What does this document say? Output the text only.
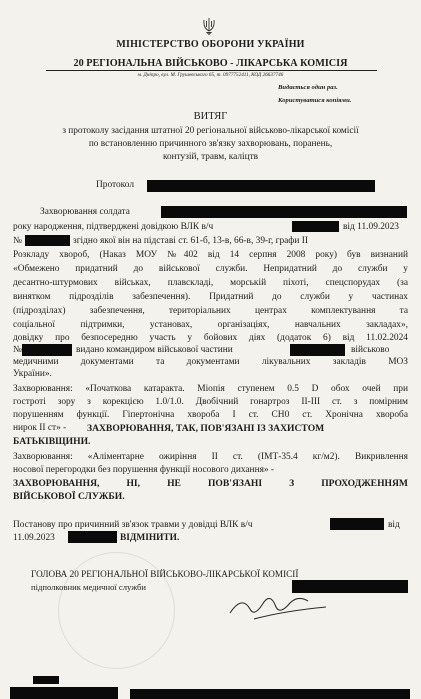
МІНІСТЕРСТВО ОБОРОНИ УКРАЇНИ

20 РЕГІОНАЛЬНА ВІЙСЬКОВО - ЛІКАРСЬКА КОМІСІЯ

м. Дніпро, вул. М. Грушевського 65, т. 0977752411, КОД 26637746

Видається один раз.

Користуватися копіями.

ВИТЯГ

з протоколу засідання штатної 20 регіональної військово-лікарської комісії

по встановленню причинного зв'язку захворювань, поранень,

контузій, травм, каліцтв

Протокол

Захворювання солдата

року народження, підтверджені довідкою ВЛК в/ч	від 11.09.2023

№	згідно якої він на підставі ст. 61-б, 13-в, 66-в, 39-г, графи ІІ

Розкладу хвороб, (Наказ МОУ №402 від 14 серпня 2008 року) був визнаний

«Обмежено придатний до військової служби. Непридатний до служби у

десантно-штурмових військах, плавскладі, морській піхоті, спецспорудах (за

винятком підрозділів забезпечення). Придатний до служби у частинах

(підрозділах) забезпечення, територіальних центрах комплектування та

соціальної підтримки, установах, організаціях, навчальних закладах»,

довідку про безпосередню участь у бойових діях (додаток 6) від 11.02.2024

№	видано командиром військової частини	військово

медичними документами та документами лікувальних закладів МОЗ

України».

Захворювання: «Початкова катаракта. Міопія ступенем 0.5 D обох очей при

гостроті зору з корекцією 1.0/1.0. Двобічний гонартроз ІІ-ІІІ ст. з помірним

порушенням функції. Гіпертонічна хвороба І ст. СН0 ст. Хронічна хвороба

нирок ІІ ст» - ЗАХВОРЮВАННЯ, ТАК, ПОВ'ЯЗАНІ ІЗ ЗАХИСТОМ

БАТЬКІВЩИНИ.

Захворювання: «Аліментарне ожиріння ІІ ст. (ІМТ-35.4 кг/м2). Викривлення

носової перегородки без порушення функції носового дихання» -

ЗАХВОРЮВАННЯ, НІ, НЕ ПОВ'ЯЗАНІ З ПРОХОДЖЕННЯМ

ВІЙСЬКОВОЇ СЛУЖБИ.

Постанову про причинний зв'язок травми у довідці ВЛК в/ч	від

11.09.2023	ВІДМІНИТИ.

ГОЛОВА 20 РЕГІОНАЛЬНОЇ ВІЙСЬКОВО-ЛІКАРСЬКОЇ КОМІСІЇ

підполковник медичної служби
